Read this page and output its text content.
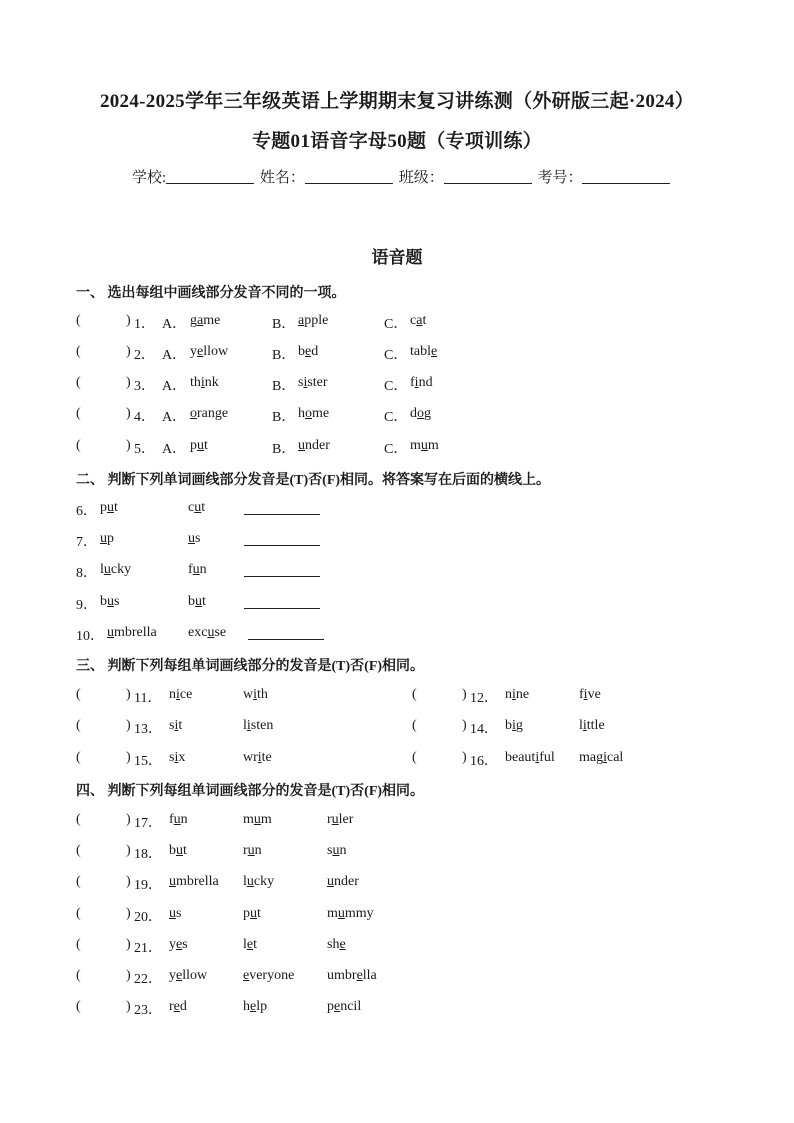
2024-2025学年三年级英语上学期期末复习讲练测（外研版三起·2024）
专题01语音字母50题（专项训练）
学校:	姓名：	班级：	考号：
语音题
一、 选出每组中画线部分发音不同的一项。
(	) 1． A． game	B． apple	C． cat
(	) 2． A． yellow	B． bed	C． table
(	) 3． A． think	B． sister	C． find
(	) 4． A． orange	B． home	C． dog
(	) 5． A． put	B． under	C． mum
二、 判断下列单词画线部分发音是(T)否(F)相同。将答案写在后面的横线上。
6． put	cut
7． up	us
8． lucky	fun
9． bus	but
10． umbrella excuse
三、 判断下列每组单词画线部分的发音是(T)否(F)相同。
(	) 11． nice	with	(	) 12． nine	five
(	) 13． sit	listen	(	) 14． big	little
(	) 15． six	write	(	) 16． beautiful magical
四、 判断下列每组单词画线部分的发音是(T)否(F)相同。
(	) 17． fun	mum	ruler
(	) 18． but	run	sun
(	) 19． umbrella lucky	under
(	) 20． us	put	mummy
(	) 21． yes	let	she
(	) 22． yellow	everyone umbrella
(	) 23． red	help	pencil
